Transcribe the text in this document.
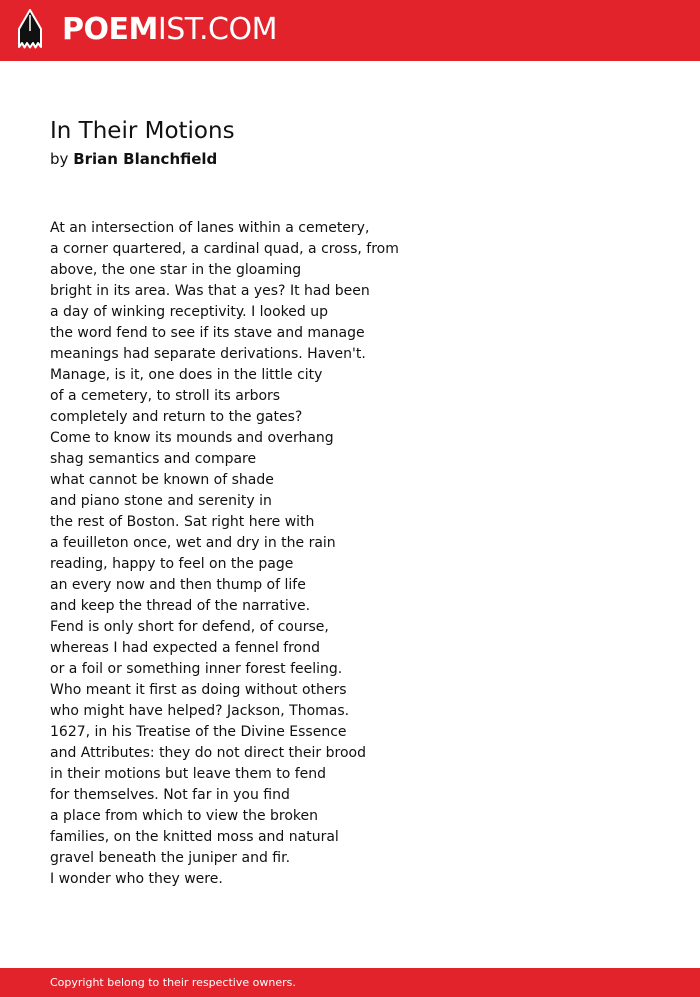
POEMIST.COM
In Their Motions
by Brian Blanchfield
At an intersection of lanes within a cemetery,
a corner quartered, a cardinal quad, a cross, from
above, the one star in the gloaming
bright in its area. Was that a yes? It had been
a day of winking receptivity. I looked up
the word fend to see if its stave and manage
meanings had separate derivations. Haven't.
Manage, is it, one does in the little city
of a cemetery, to stroll its arbors
completely and return to the gates?
Come to know its mounds and overhang
shag semantics and compare
what cannot be known of shade
and piano stone and serenity in
the rest of Boston. Sat right here with
a feuilleton once, wet and dry in the rain
reading, happy to feel on the page
an every now and then thump of life
and keep the thread of the narrative.
Fend is only short for defend, of course,
whereas I had expected a fennel frond
or a foil or something inner forest feeling.
Who meant it first as doing without others
who might have helped? Jackson, Thomas.
1627, in his Treatise of the Divine Essence
and Attributes: they do not direct their brood
in their motions but leave them to fend
for themselves. Not far in you find
a place from which to view the broken
families, on the knitted moss and natural
gravel beneath the juniper and fir.
I wonder who they were.
Copyright belong to their respective owners.
